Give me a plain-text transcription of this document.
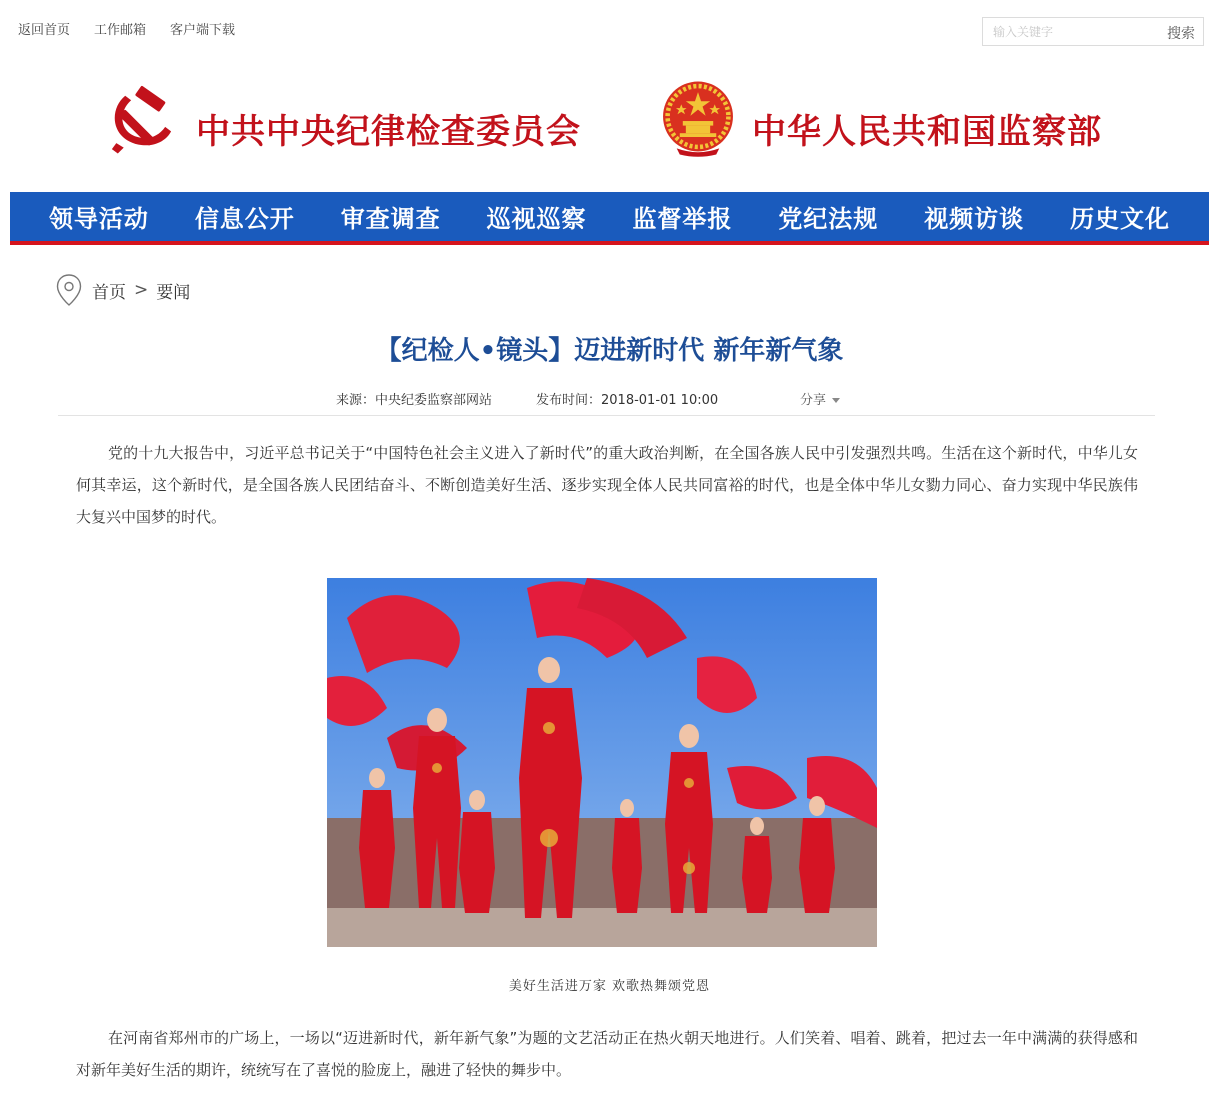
返回首页 工作邮箱 客户端下载
输入关键字	搜索
中共中央纪律检查委员会	中华人民共和国监察部
领导活动 信息公开 审查调查 巡视巡察 监督举报 党纪法规 视频访谈 历史文化
首页 > 要闻
【纪检人•镜头】迈进新时代 新年新气象
来源：中央纪委监察部网站	发布时间：2018-01-01 10:00	分享

党的十九大报告中，习近平总书记关于“中国特色社会主义进入了新时代”的重大政治判断，在全国各族人民中引发强烈共鸣。生活在这个新时代，中华儿女何其幸运，这个新时代，是全国各族人民团结奋斗、不断创造美好生活、逐步实现全体人民共同富裕的时代，也是全体中华儿女勠力同心、奋力实现中华民族伟大复兴中国梦的时代。

美好生活进万家 欢歌热舞颂党恩

在河南省郑州市的广场上，一场以“迈进新时代，新年新气象”为题的文艺活动正在热火朝天地进行。人们笑着、唱着、跳着，把过去一年中满满的获得感和对新年美好生活的期许，统统写在了喜悦的脸庞上，融进了轻快的舞步中。
